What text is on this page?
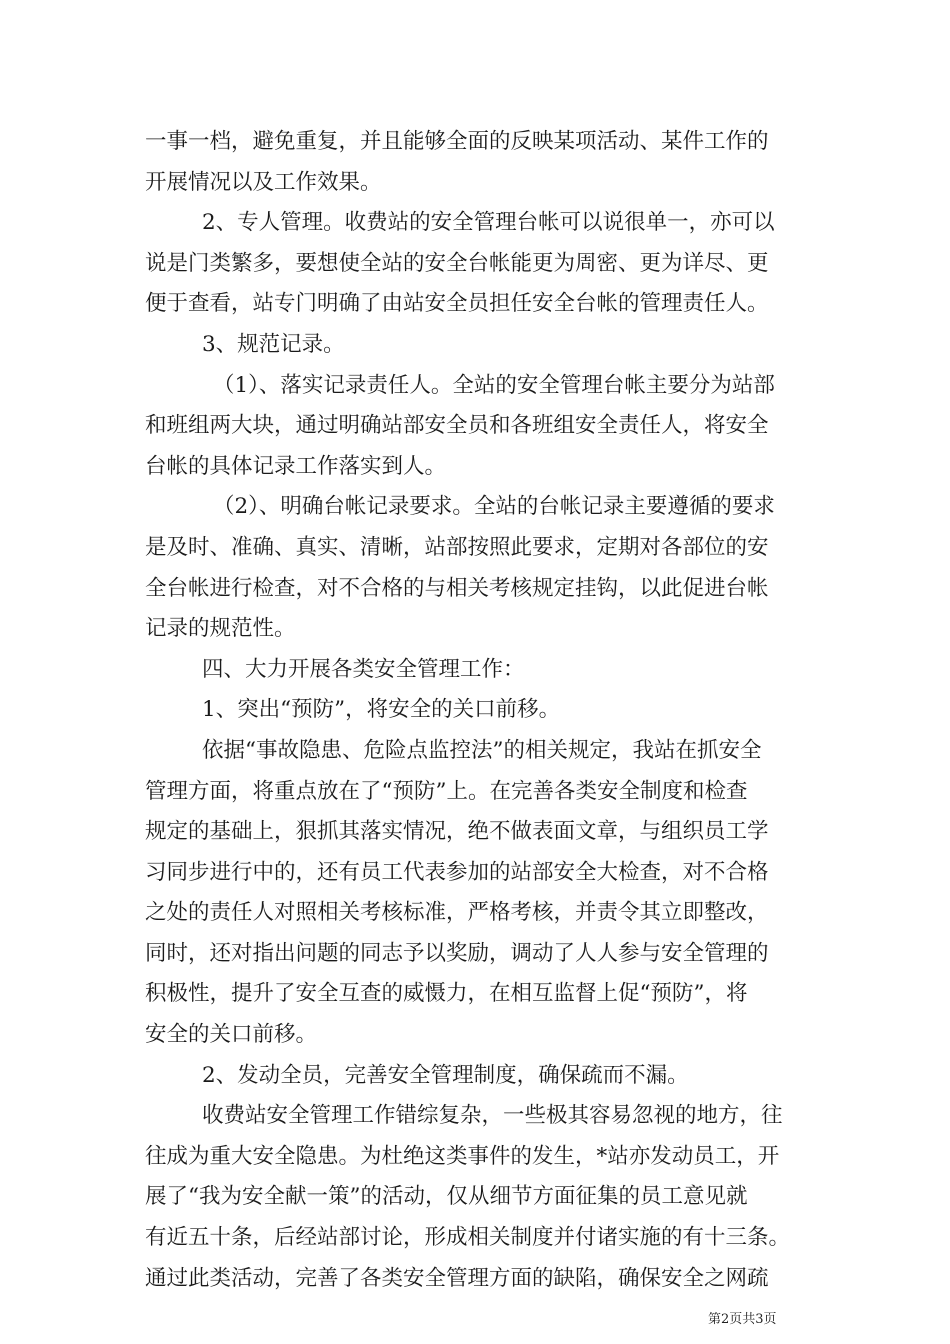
一事一档，避免重复，并且能够全面的反映某项活动、某件工作的
开展情况以及工作效果。
2、专人管理。收费站的安全管理台帐可以说很单一，亦可以
说是门类繁多，要想使全站的安全台帐能更为周密、更为详尽、更
便于查看，站专门明确了由站安全员担任安全台帐的管理责任人。
3、规范记录。
（1）、落实记录责任人。全站的安全管理台帐主要分为站部
和班组两大块，通过明确站部安全员和各班组安全责任人，将安全
台帐的具体记录工作落实到人。
（2）、明确台帐记录要求。全站的台帐记录主要遵循的要求
是及时、准确、真实、清晰，站部按照此要求，定期对各部位的安
全台帐进行检查，对不合格的与相关考核规定挂钩，以此促进台帐
记录的规范性。
四、大力开展各类安全管理工作：
1、突出“预防”，将安全的关口前移。
依据“事故隐患、危险点监控法”的相关规定，我站在抓安全
管理方面，将重点放在了“预防”上。在完善各类安全制度和检查
规定的基础上，狠抓其落实情况，绝不做表面文章，与组织员工学
习同步进行中的，还有员工代表参加的站部安全大检查，对不合格
之处的责任人对照相关考核标准，严格考核，并责令其立即整改，
同时，还对指出问题的同志予以奖励，调动了人人参与安全管理的
积极性，提升了安全互查的威慑力，在相互监督上促“预防”，将
安全的关口前移。
2、发动全员，完善安全管理制度，确保疏而不漏。
收费站安全管理工作错综复杂，一些极其容易忽视的地方，往
往成为重大安全隐患。为杜绝这类事件的发生，*站亦发动员工，开
展了“我为安全献一策”的活动，仅从细节方面征集的员工意见就
有近五十条，后经站部讨论，形成相关制度并付诸实施的有十三条。
通过此类活动，完善了各类安全管理方面的缺陷，确保安全之网疏
第2页共3页
